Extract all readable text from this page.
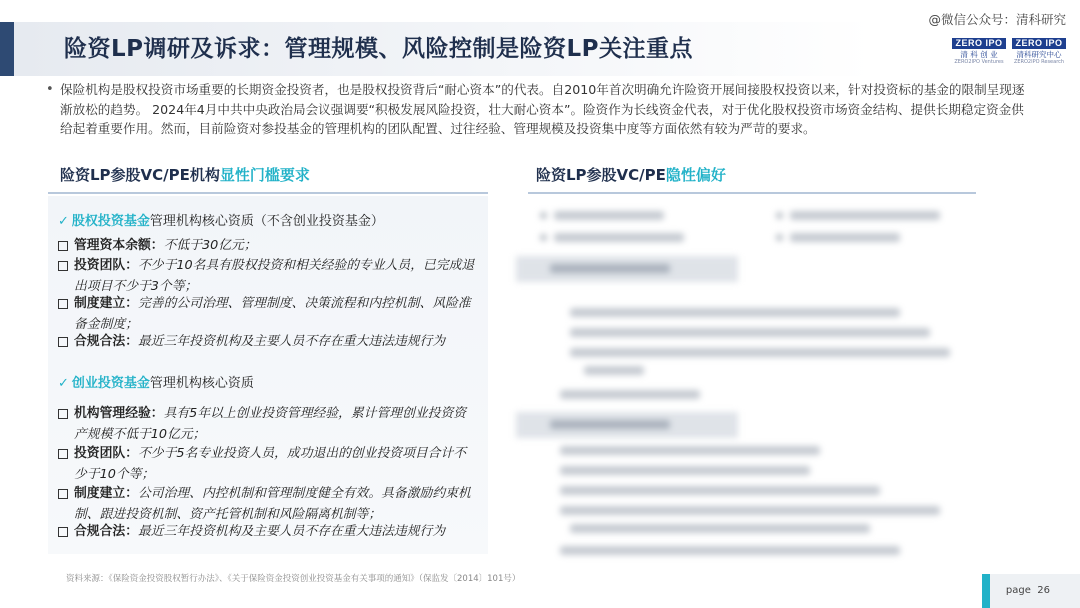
险资LP调研及诉求：管理规模、风险控制是险资LP关注重点
@微信公众号：清科研究
ZERO IPO
清 科 创 业
ZERO2IPO Ventures
ZERO IPO
清科研究中心
ZERO2IPO Research
• 保险机构是股权投资市场重要的长期资金投资者，也是股权投资背后“耐心资本”的代表。自2010年首次明确允许险资开展间接股权投资以来，针对投资标的基金的限制呈现逐渐放松的趋势。 2024年4月中共中央政治局会议强调要“积极发展风险投资，壮大耐心资本”。险资作为长线资金代表，对于优化股权投资市场资金结构、提供长期稳定资金供给起着重要作用。然而，目前险资对参投基金的管理机构的团队配置、过往经验、管理规模及投资集中度等方面依然有较为严苛的要求。
险资LP参股VC/PE机构显性门槛要求	险资LP参股VC/PE隐性偏好
✓ 股权投资基金管理机构核心资质（不含创业投资基金）
管理资本余额：不低于30亿元；
投资团队：不少于10名具有股权投资和相关经验的专业人员，已完成退出项目不少于3个等；
制度建立：完善的公司治理、管理制度、决策流程和内控机制、风险准备金制度；
合规合法：最近三年投资机构及主要人员不存在重大违法违规行为
✓ 创业投资基金管理机构核心资质
机构管理经验：具有5年以上创业投资管理经验，累计管理创业投资资产规模不低于10亿元；
投资团队：不少于5名专业投资人员，成功退出的创业投资项目合计不少于10个等；
制度建立：公司治理、内控机制和管理制度健全有效。具备激励约束机制、跟进投资机制、资产托管机制和风险隔离机制等；
合规合法：最近三年投资机构及主要人员不存在重大违法违规行为
资料来源：《保险资金投资股权暂行办法》、《关于保险资金投资创业投资基金有关事项的通知》（保监发〔2014〕101号）
page 26
